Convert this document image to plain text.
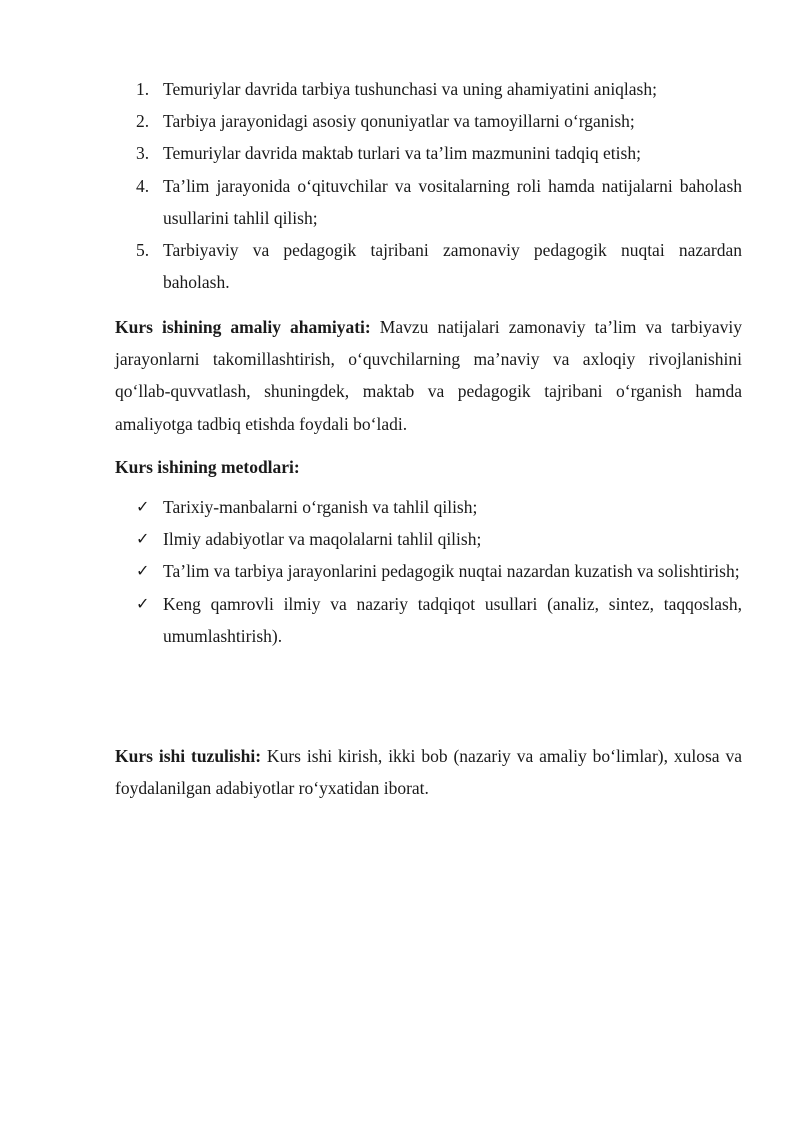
1. Temuriylar davrida tarbiya tushunchasi va uning ahamiyatini aniqlash;
2. Tarbiya jarayonidagi asosiy qonuniyatlar va tamoyillarni o‘rganish;
3. Temuriylar davrida maktab turlari va ta’lim mazmunini tadqiq etish;
4. Ta’lim jarayonida o‘qituvchilar va vositalarning roli hamda natijalarni baholash usullarini tahlil qilish;
5. Tarbiyaviy va pedagogik tajribani zamonaviy pedagogik nuqtai nazardan baholash.

Kurs ishining amaliy ahamiyati: Mavzu natijalari zamonaviy ta’lim va tarbiyaviy jarayonlarni takomillashtirish, o‘quvchilarning ma’naviy va axloqiy rivojlanishini qo‘llab-quvvatlash, shuningdek, maktab va pedagogik tajribani o‘rganish hamda amaliyotga tadbiq etishda foydali bo‘ladi.

Kurs ishining metodlari:

✓ Tarixiy-manbalarni o‘rganish va tahlil qilish;
✓ Ilmiy adabiyotlar va maqolalarni tahlil qilish;
✓ Ta’lim va tarbiya jarayonlarini pedagogik nuqtai nazardan kuzatish va solishtirish;
✓ Keng qamrovli ilmiy va nazariy tadqiqot usullari (analiz, sintez, taqqoslash, umumlashtirish).

Kurs ishi tuzulishi: Kurs ishi kirish, ikki bob (nazariy va amaliy bo‘limlar), xulosa va foydalanilgan adabiyotlar ro‘yxatidan iborat.
